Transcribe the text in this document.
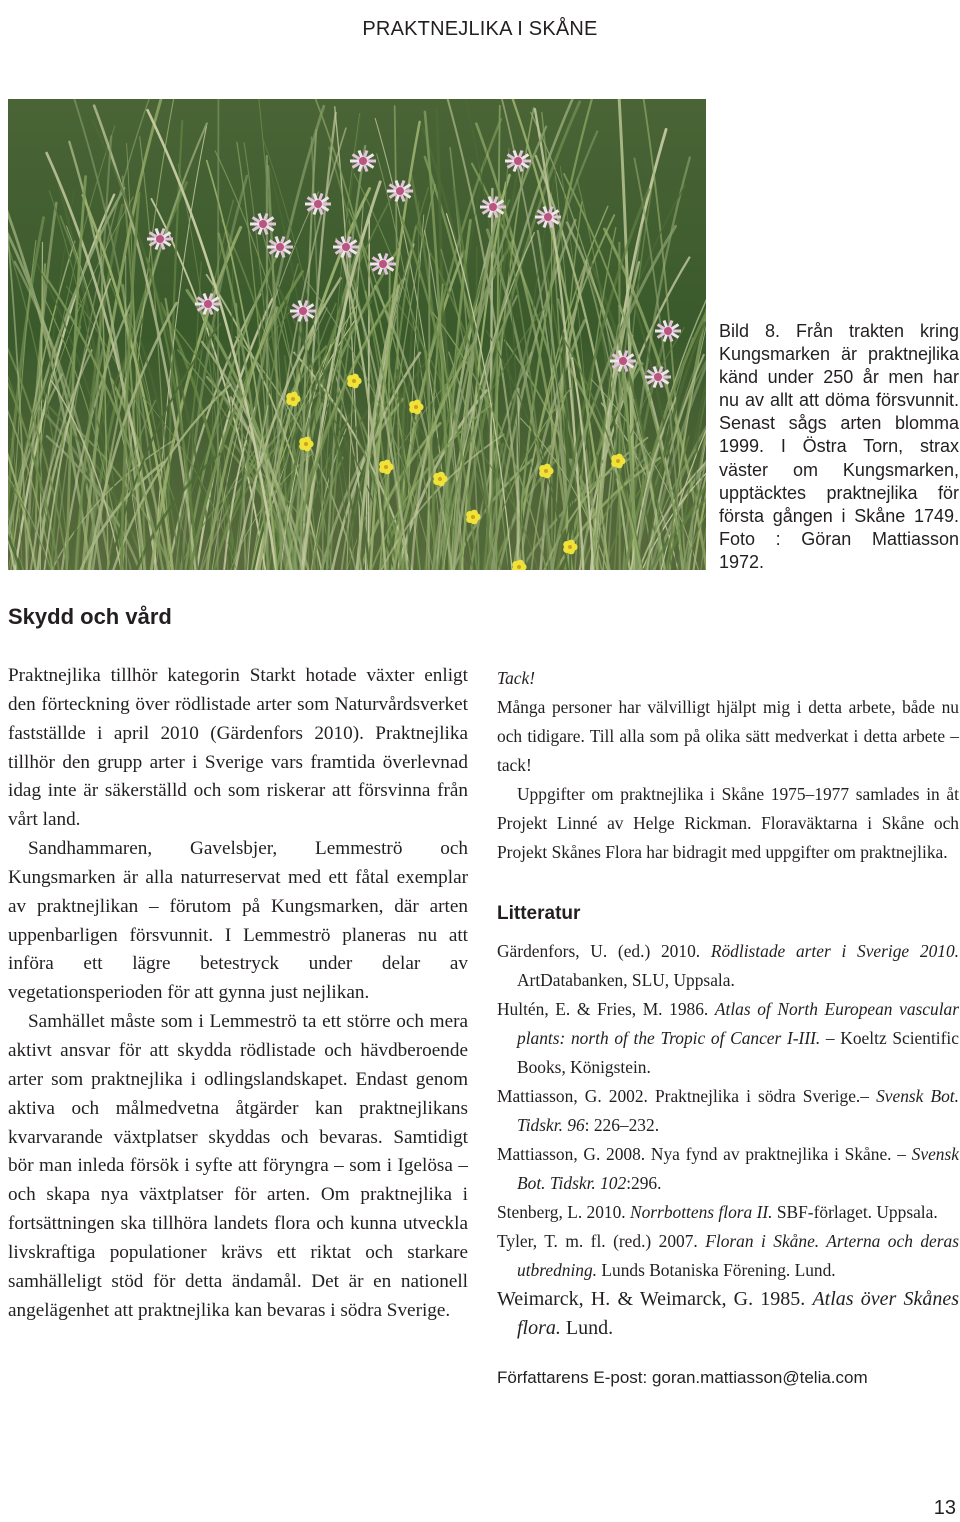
PRAKTNEJLIKA I SKÅNE
Bild 8. Från trakten kring Kungsmarken är praktnejlika känd under 250 år men har nu av allt att döma försvunnit. Senast sågs arten blomma 1999. I Östra Torn, strax väster om Kungsmarken, upptäcktes praktnejlika för första gången i Skåne 1749. Foto : Göran Mattiasson 1972.
Skydd och vård

Praktnejlika tillhör kategorin Starkt hotade växter enligt den förteckning över rödlistade arter som Naturvårdsverket fastställde i april 2010 (Gärdenfors 2010). Praktnejlika tillhör den grupp arter i Sverige vars framtida överlevnad idag inte är säkerställd och som riskerar att försvinna från vårt land.

Sandhammaren, Gavelsbjer, Lemmeströ och Kungsmarken är alla naturreservat med ett fåtal exemplar av praktnejlikan – förutom på Kungsmarken, där arten uppenbarligen försvunnit. I Lemmeströ planeras nu att införa ett lägre betestryck under delar av vegetationsperioden för att gynna just nejlikan.

Samhället måste som i Lemmeströ ta ett större och mera aktivt ansvar för att skydda rödlistade och hävdberoende arter som praktnejlika i odlingslandskapet. Endast genom aktiva och målmedvetna åtgärder kan praktnejlikans kvarvarande växtplatser skyddas och bevaras. Samtidigt bör man inleda försök i syfte att föryngra – som i Igelösa – och skapa nya växtplatser för arten. Om praktnejlika i fortsättningen ska tillhöra landets flora och kunna utveckla livskraftiga populationer krävs ett riktat och starkare samhälleligt stöd för detta ändamål. Det är en nationell angelägenhet att praktnejlika kan bevaras i södra Sverige.

Tack!

Många personer har välvilligt hjälpt mig i detta arbete, både nu och tidigare. Till alla som på olika sätt medverkat i detta arbete – tack!

Uppgifter om praktnejlika i Skåne 1975–1977 samlades in åt Projekt Linné av Helge Rickman. Floraväktarna i Skåne och Projekt Skånes Flora har bidragit med uppgifter om praktnejlika.

Litteratur

Gärdenfors, U. (ed.) 2010. Rödlistade arter i Sverige 2010. ArtDatabanken, SLU, Uppsala.

Hultén, E. & Fries, M. 1986. Atlas of North European vascular plants: north of the Tropic of Cancer I-III. – Koeltz Scientific Books, Königstein.

Mattiasson, G. 2002. Praktnejlika i södra Sverige.– Svensk Bot. Tidskr. 96: 226–232.

Mattiasson, G. 2008. Nya fynd av praktnejlika i Skåne. – Svensk Bot. Tidskr. 102:296.

Stenberg, L. 2010. Norrbottens flora II. SBF-förlaget. Uppsala.

Tyler, T. m. fl. (red.) 2007. Floran i Skåne. Arterna och deras utbredning. Lunds Botaniska Förening. Lund.

Weimarck, H. & Weimarck, G. 1985. Atlas över Skånes flora. Lund.

Författarens E-post: goran.mattiasson@telia.com
13
